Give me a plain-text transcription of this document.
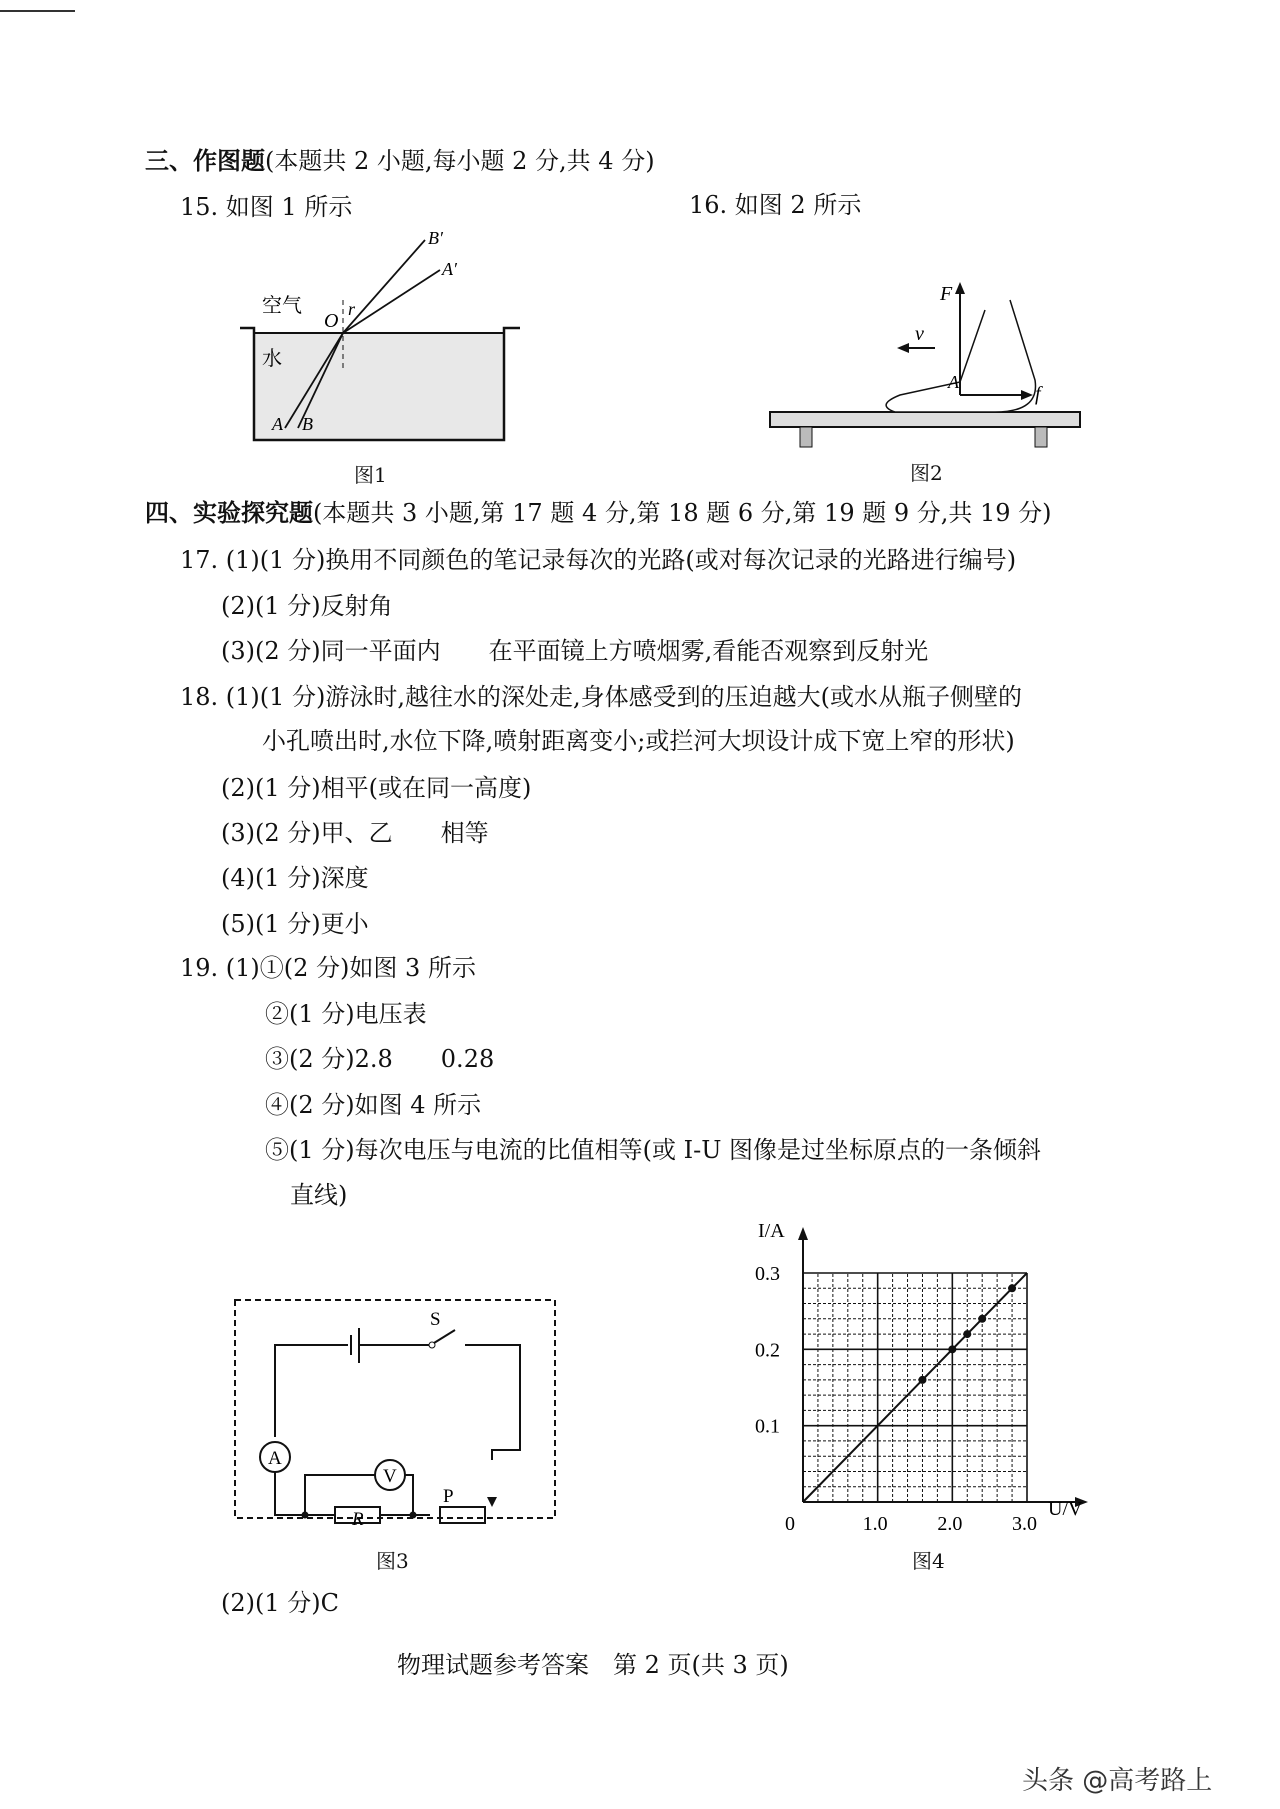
三、作图题(本题共 2 小题,每小题 2 分,共 4 分)
15. 如图 1 所示	16. 如图 2 所示
空气
水
O
r
A B
A′
B′
图1
F
v
A
f
图2
四、实验探究题(本题共 3 小题,第 17 题 4 分,第 18 题 6 分,第 19 题 9 分,共 19 分)
17. (1)(1 分)换用不同颜色的笔记录每次的光路(或对每次记录的光路进行编号)
(2)(1 分)反射角
(3)(2 分)同一平面内　　在平面镜上方喷烟雾,看能否观察到反射光
18. (1)(1 分)游泳时,越往水的深处走,身体感受到的压迫越大(或水从瓶子侧壁的
小孔喷出时,水位下降,喷射距离变小;或拦河大坝设计成下宽上窄的形状)
(2)(1 分)相平(或在同一高度)
(3)(2 分)甲、乙　　相等
(4)(1 分)深度
(5)(1 分)更小
19. (1)①(2 分)如图 3 所示
②(1 分)电压表
③(2 分)2.8　　0.28
④(2 分)如图 4 所示
⑤(1 分)每次电压与电流的比值相等(或 I-U 图像是过坐标原点的一条倾斜
直线)
A
V
S
P
R
图3
0	1.0 2.0 3.0
0.1
0.2
0.3
I/A
U/V
图4
(2)(1 分)C
物理试题参考答案　第 2 页(共 3 页)
头条 @高考路上
